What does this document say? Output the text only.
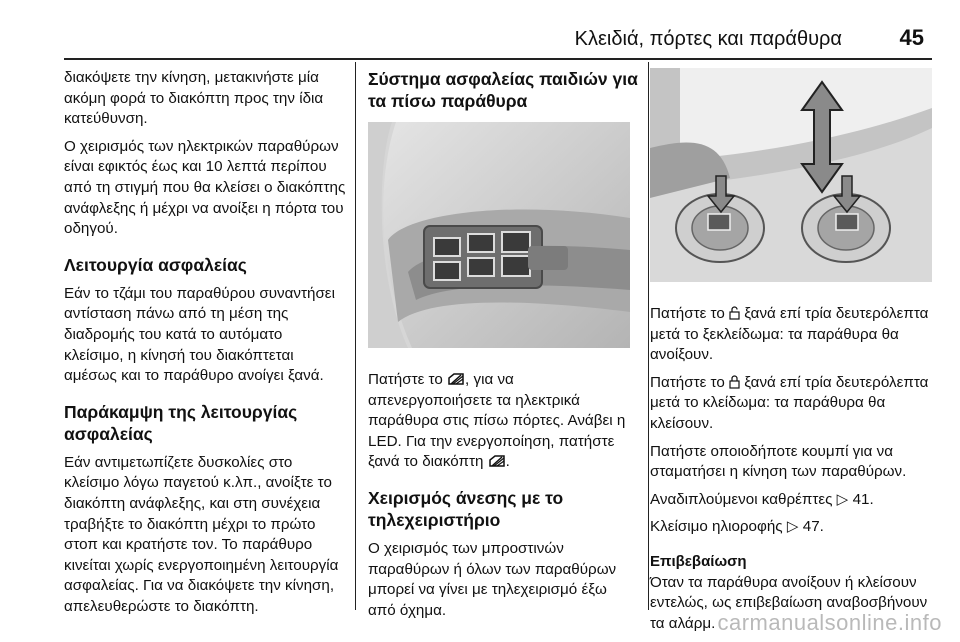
Κλειδιά, πόρτες και παράθυρα	45

διακόψετε την κίνηση, μετακινήστε μία ακόμη φορά το διακόπτη προς την ίδια κατεύθυνση.

Ο χειρισμός των ηλεκτρικών παραθύρων είναι εφικτός έως και 10 λεπτά περίπου από τη στιγμή που θα κλείσει ο διακόπτης ανάφλεξης ή μέχρι να ανοίξει η πόρτα του οδηγού.

Λειτουργία ασφαλείας

Εάν το τζάμι του παραθύρου συναντήσει αντίσταση πάνω από τη μέση της διαδρομής του κατά το αυτόματο κλείσιμο, η κίνησή του διακόπτεται αμέσως και το παράθυρο ανοίγει ξανά.

Παράκαμψη της λειτουργίας ασφαλείας

Εάν αντιμετωπίζετε δυσκολίες στο κλείσιμο λόγω παγετού κ.λπ., ανοίξτε το διακόπτη ανάφλεξης, και στη συνέχεια τραβήξτε το διακόπτη μέχρι το πρώτο στοπ και κρατήστε τον. Το παράθυρο κινείται χωρίς ενεργοποιημένη λειτουργία ασφαλείας. Για να διακόψετε την κίνηση, απελευθερώστε το διακόπτη.

Σύστημα ασφαλείας παιδιών για τα πίσω παράθυρα

Πατήστε το , για να απενεργοποιήσετε τα ηλεκτρικά παράθυρα στις πίσω πόρτες. Ανάβει η LED. Για την ενεργοποίηση, πατήστε ξανά το διακόπτη .

Χειρισμός άνεσης με το τηλεχειριστήριο

Ο χειρισμός των μπροστινών παραθύρων ή όλων των παραθύρων μπορεί να γίνει με τηλεχειρισμό έξω από όχημα.

Πατήστε το ξανά επί τρία δευτερόλεπτα μετά το ξεκλείδωμα: τα παράθυρα θα ανοίξουν.

Πατήστε το ξανά επί τρία δευτερόλεπτα μετά το κλείδωμα: τα παράθυρα θα κλείσουν.

Πατήστε οποιοδήποτε κουμπί για να σταματήσει η κίνηση των παραθύρων.

Αναδιπλούμενοι καθρέπτες ▷ 41.

Κλείσιμο ηλιοροφής ▷ 47.

Επιβεβαίωση

Όταν τα παράθυρα ανοίξουν ή κλείσουν εντελώς, ως επιβεβαίωση αναβοσβήνουν τα αλάρμ. carmanualsonline.info
